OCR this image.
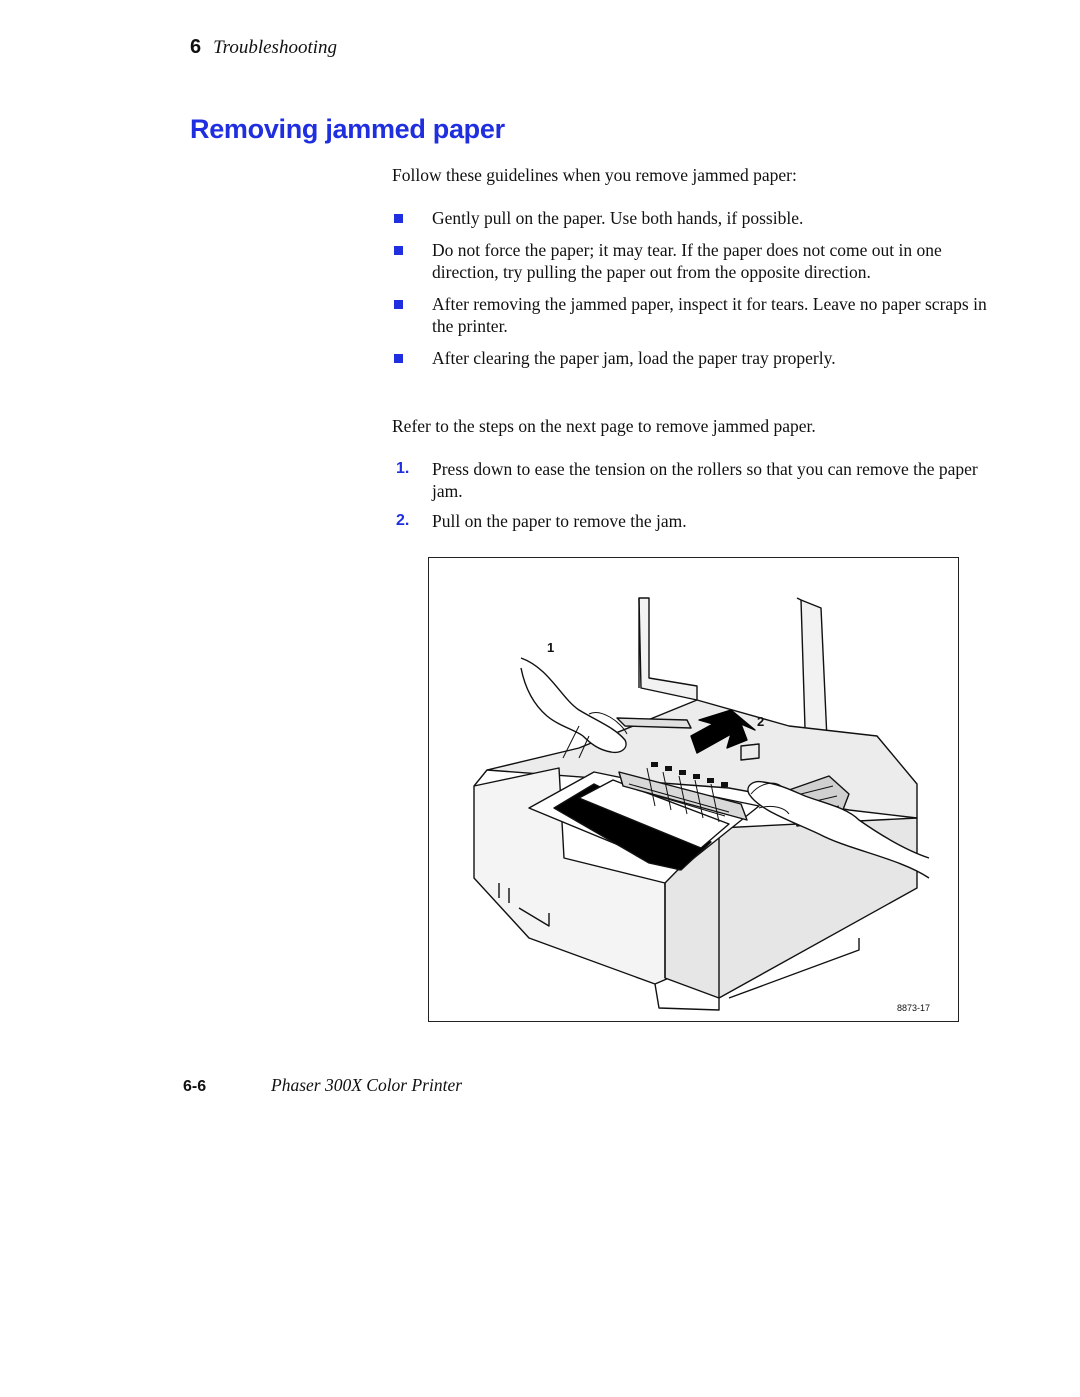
6 Troubleshooting
Removing jammed paper
Follow these guidelines when you remove jammed paper:
Gently pull on the paper. Use both hands, if possible.
Do not force the paper; it may tear. If the paper does not come out in one direction, try pulling the paper out from the opposite direction.
After removing the jammed paper, inspect it for tears. Leave no paper scraps in the printer.
After clearing the paper jam, load the paper tray properly.
Refer to the steps on the next page to remove jammed paper.
1. Press down to ease the tension on the rollers so that you can remove the paper jam.
2. Pull on the paper to remove the jam.
1
2
8873-17
6-6	Phaser 300X Color Printer
